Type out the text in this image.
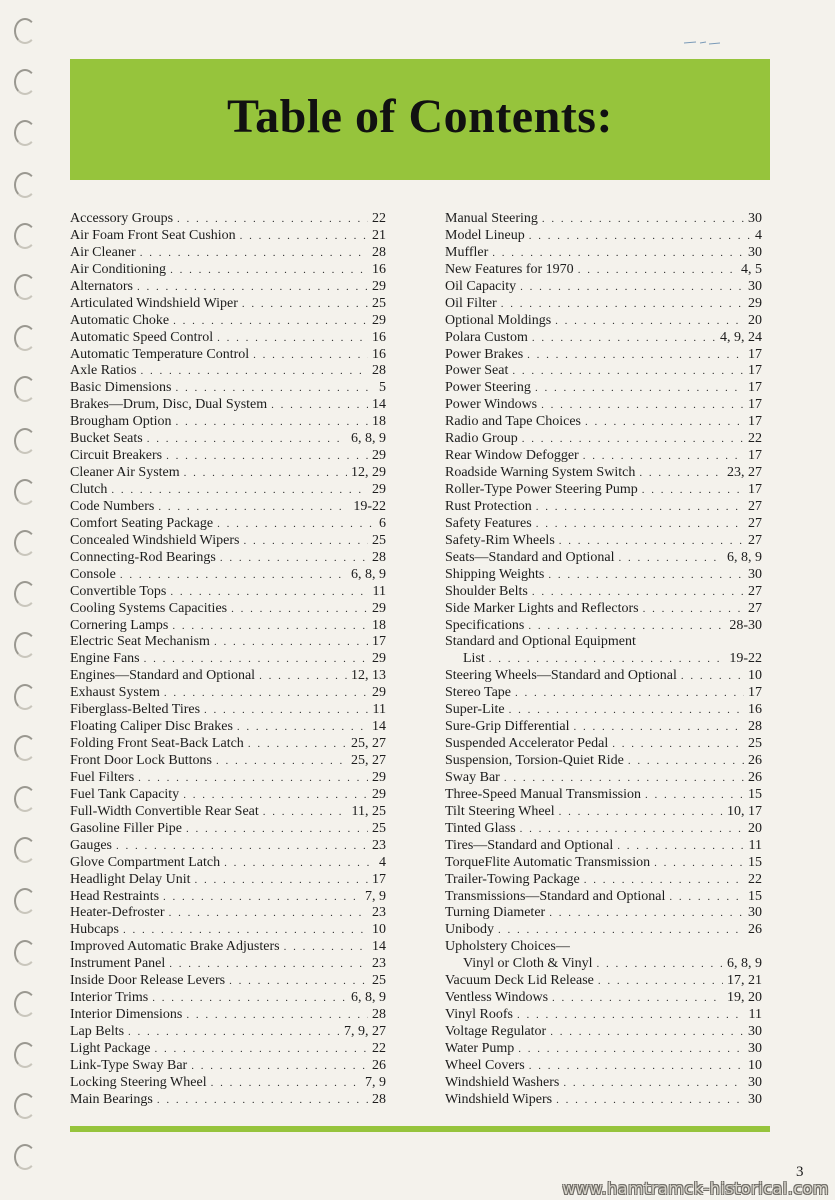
Table of Contents:
Accessory Groups . . .	22
Air Foam Front Seat Cushion . . .	21
Air Cleaner . . .	28
Air Conditioning . . .	16
Alternators . . .	29
Articulated Windshield Wiper . . .	25
Automatic Choke . . .	29
Automatic Speed Control . . .	16
Automatic Temperature Control . . .	16
Axle Ratios . . .	28
Basic Dimensions . . .	5
Brakes—Drum, Disc, Dual System . . .	14
Brougham Option . . .	18
Bucket Seats . . .	6, 8, 9
Circuit Breakers . . .	29
Cleaner Air System . . .	12, 29
Clutch . . .	29
Code Numbers . . .	19-22
Comfort Seating Package . . .	6
Concealed Windshield Wipers . . .	25
Connecting-Rod Bearings . . .	28
Console . . .	6, 8, 9
Convertible Tops . . .	11
Cooling Systems Capacities . . .	29
Cornering Lamps . . .	18
Electric Seat Mechanism . . .	17
Engine Fans . . .	29
Engines—Standard and Optional . . .	12, 13
Exhaust System . . .	29
Fiberglass-Belted Tires . . .	11
Floating Caliper Disc Brakes . . .	14
Folding Front Seat-Back Latch . . .	25, 27
Front Door Lock Buttons . . .	25, 27
Fuel Filters . . .	29
Fuel Tank Capacity . . .	29
Full-Width Convertible Rear Seat . . .	11, 25
Gasoline Filler Pipe . . .	25
Gauges . . .	23
Glove Compartment Latch . . .	4
Headlight Delay Unit . . .	17
Head Restraints . . .	7, 9
Heater-Defroster . . .	23
Hubcaps . . .	10
Improved Automatic Brake Adjusters . . .	14
Instrument Panel . . .	23
Inside Door Release Levers . . .	25
Interior Trims . . .	6, 8, 9
Interior Dimensions . . .	28
Lap Belts . . .	7, 9, 27
Light Package . . .	22
Link-Type Sway Bar . . .	26
Locking Steering Wheel . . .	7, 9
Main Bearings . . .	28
Manual Steering . . .	30
Model Lineup . . .	4
Muffler . . .	30
New Features for 1970 . . .	4, 5
Oil Capacity . . .	30
Oil Filter . . .	29
Optional Moldings . . .	20
Polara Custom . . .	4, 9, 24
Power Brakes . . .	17
Power Seat . . .	17
Power Steering . . .	17
Power Windows . . .	17
Radio and Tape Choices . . .	17
Radio Group . . .	22
Rear Window Defogger . . .	17
Roadside Warning System Switch . . .	23, 27
Roller-Type Power Steering Pump . . .	17
Rust Protection . . .	27
Safety Features . . .	27
Safety-Rim Wheels . . .	27
Seats—Standard and Optional . . .	6, 8, 9
Shipping Weights . . .	30
Shoulder Belts . . .	27
Side Marker Lights and Reflectors . . .	27
Specifications . . .	28-30
Standard and Optional Equipment
List . . .	19-22
Steering Wheels—Standard and Optional . . .	10
Stereo Tape . . .	17
Super-Lite . . .	16
Sure-Grip Differential . . .	28
Suspended Accelerator Pedal . . .	25
Suspension, Torsion-Quiet Ride . . .	26
Sway Bar . . .	26
Three-Speed Manual Transmission . . .	15
Tilt Steering Wheel . . .	10, 17
Tinted Glass . . .	20
Tires—Standard and Optional . . .	11
TorqueFlite Automatic Transmission . . .	15
Trailer-Towing Package . . .	22
Transmissions—Standard and Optional . . .	15
Turning Diameter . . .	30
Unibody . . .	26
Upholstery Choices—
Vinyl or Cloth & Vinyl . . .	6, 8, 9
Vacuum Deck Lid Release . . .	17, 21
Ventless Windows . . .	19, 20
Vinyl Roofs . . .	11
Voltage Regulator . . .	30
Water Pump . . .	30
Wheel Covers . . .	10
Windshield Washers . . .	30
Windshield Wipers . . .	30
3
www.hamtramck-historical.com
